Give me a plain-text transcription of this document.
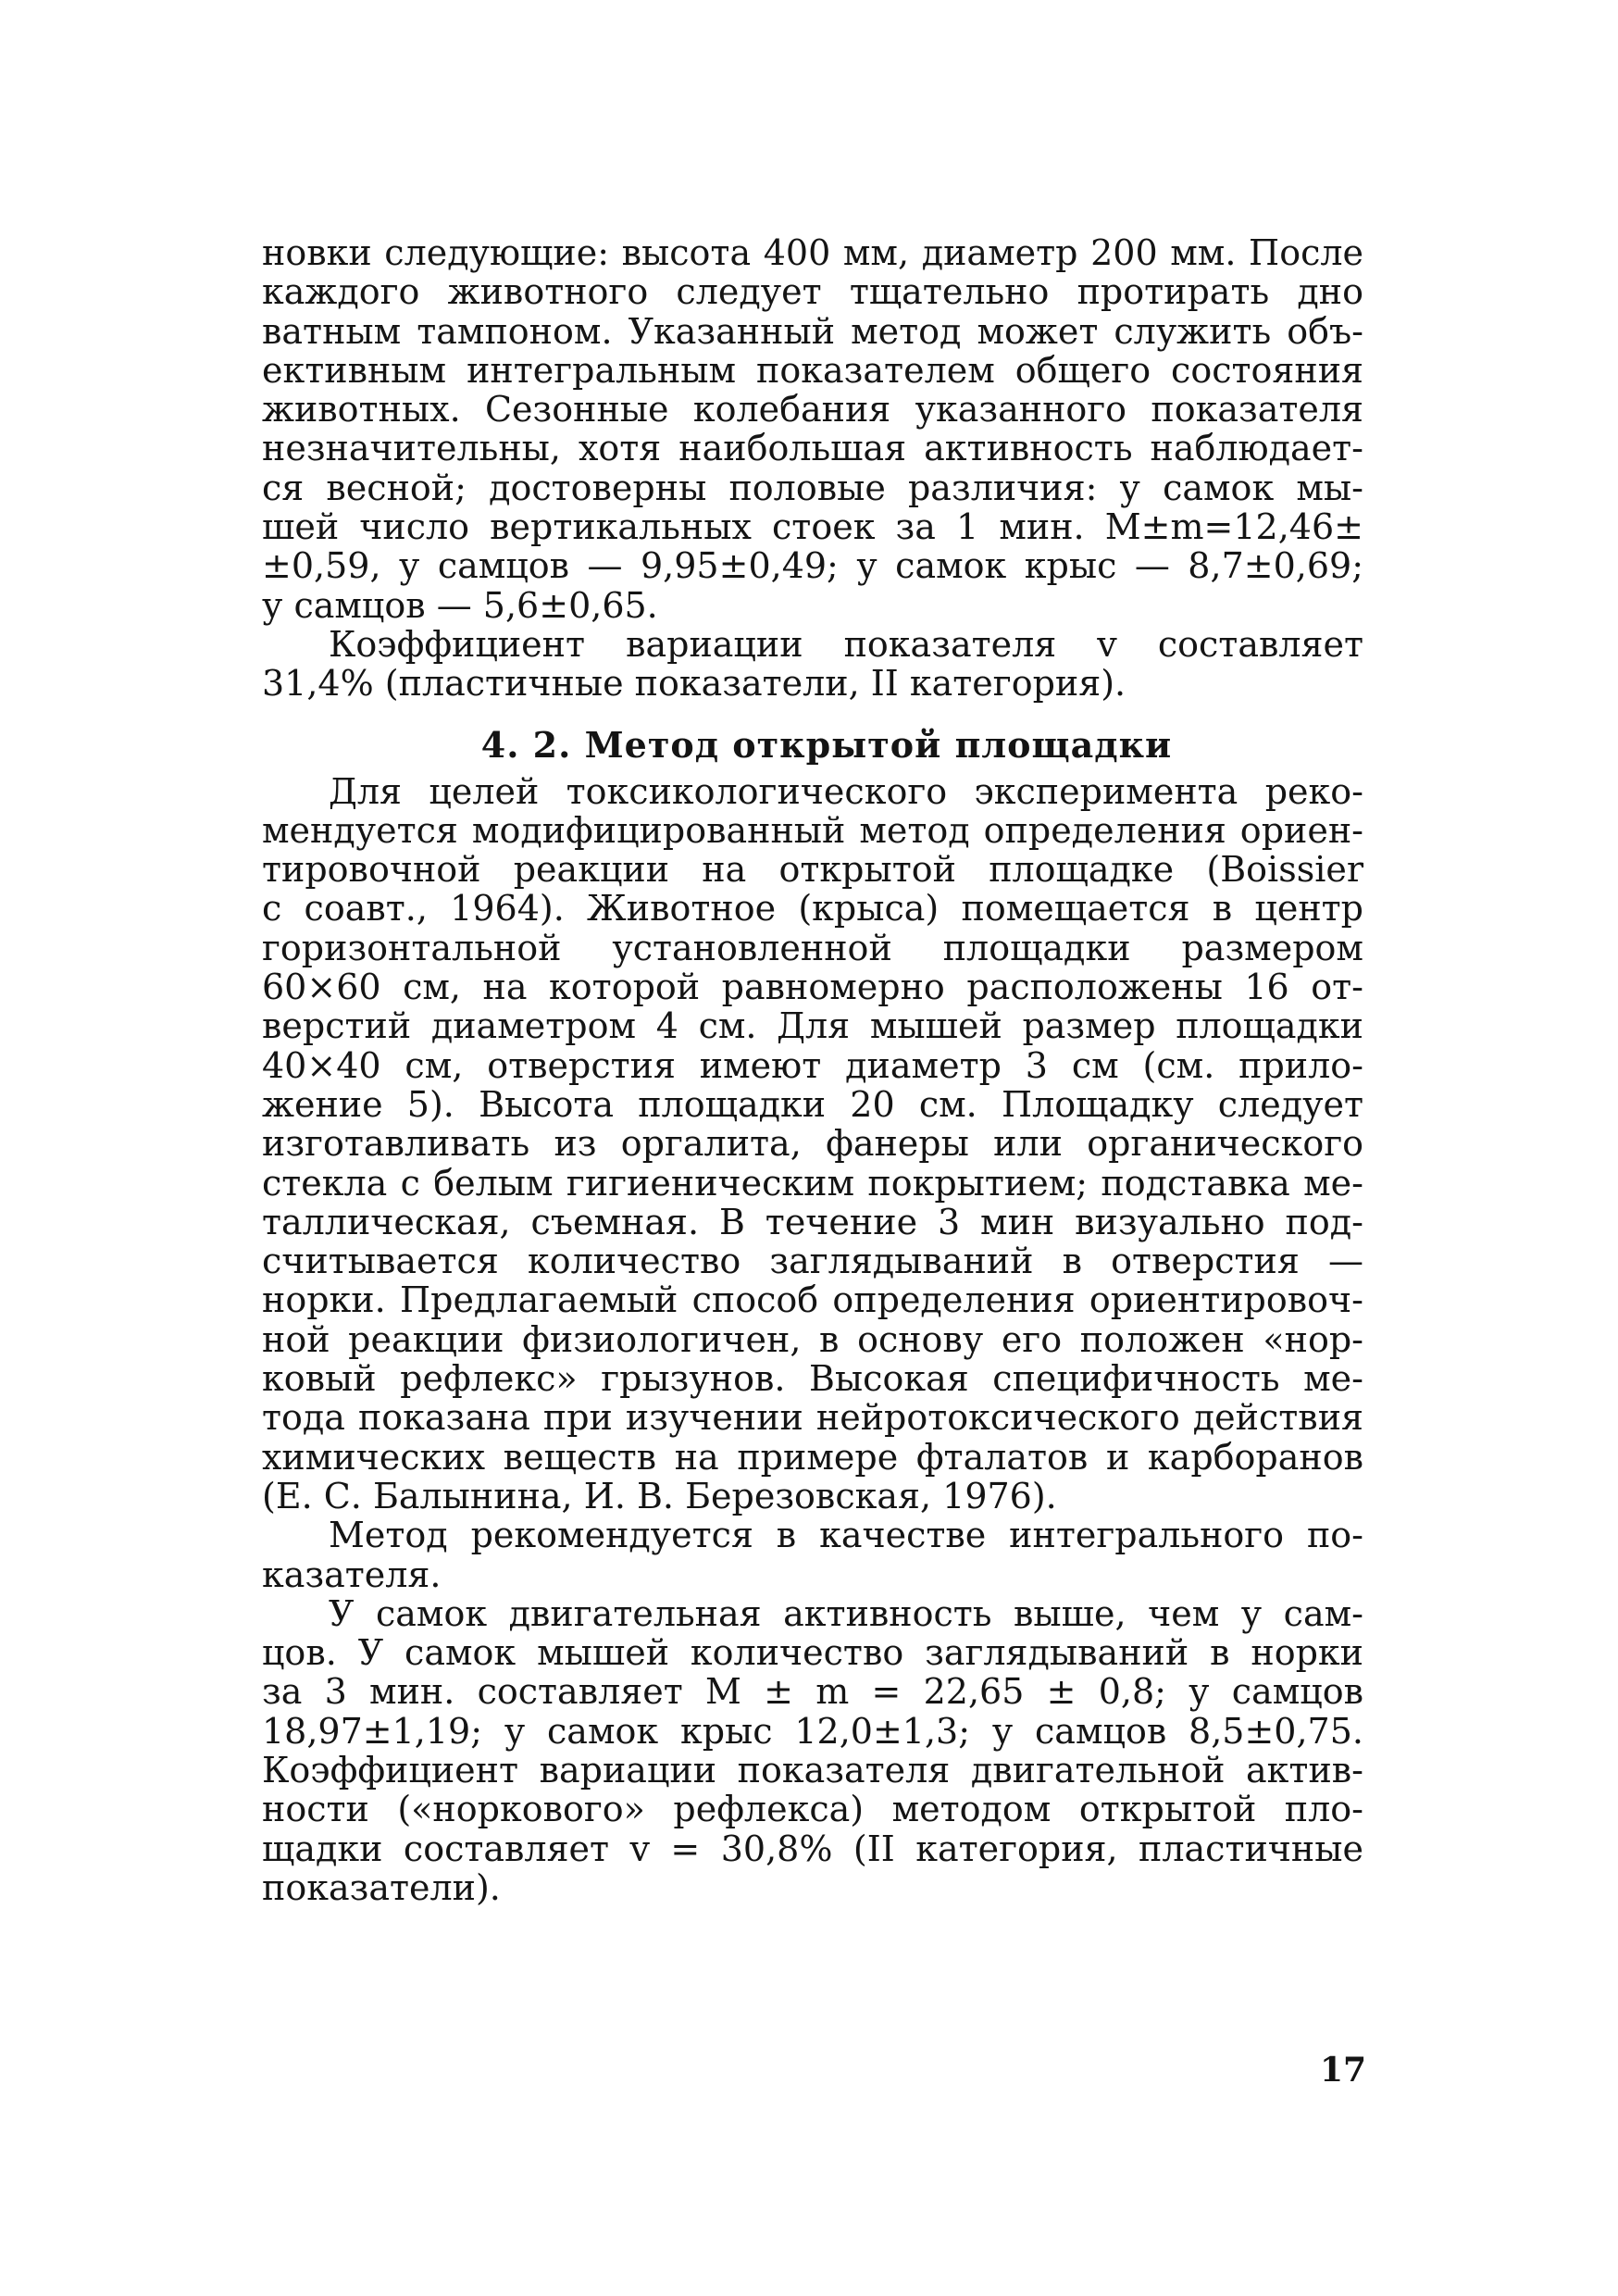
новки следующие: высота 400 мм, диаметр 200 мм. После
каждого животного следует тщательно протирать дно
ватным тампоном. Указанный метод может служить объ-
ективным интегральным показателем общего состояния
животных. Сезонные колебания указанного показателя
незначительны, хотя наибольшая активность наблюдает-
ся весной; достоверны половые различия: у самок мы-
шей число вертикальных стоек за 1 мин. M±m=12,46±
±0,59, у самцов — 9,95±0,49; у самок крыс — 8,7±0,69;
у самцов — 5,6±0,65.
Коэффициент вариации показателя v составляет
31,4% (пластичные показатели, II категория).
4. 2. Метод открытой площадки
Для целей токсикологического эксперимента реко-
мендуется модифицированный метод определения ориен-
тировочной реакции на открытой площадке (Boissier
с соавт., 1964). Животное (крыса) помещается в центр
горизонтальной установленной площадки размером
60×60 см, на которой равномерно расположены 16 от-
верстий диаметром 4 см. Для мышей размер площадки
40×40 см, отверстия имеют диаметр 3 см (см. прило-
жение 5). Высота площадки 20 см. Площадку следует
изготавливать из оргалита, фанеры или органического
стекла с белым гигиеническим покрытием; подставка ме-
таллическая, съемная. В течение 3 мин визуально под-
считывается количество заглядываний в отверстия —
норки. Предлагаемый способ определения ориентировоч-
ной реакции физиологичен, в основу его положен «нор-
ковый рефлекс» грызунов. Высокая специфичность ме-
тода показана при изучении нейротоксического действия
химических веществ на примере фталатов и карборанов
(Е. С. Балынина, И. В. Березовская, 1976).
Метод рекомендуется в качестве интегрального по-
казателя.
У самок двигательная активность выше, чем у сам-
цов. У самок мышей количество заглядываний в норки
за 3 мин. составляет M ± m = 22,65 ± 0,8; у самцов
18,97±1,19; у самок крыс 12,0±1,3; у самцов 8,5±0,75.
Коэффициент вариации показателя двигательной актив-
ности («норкового» рефлекса) методом открытой пло-
щадки составляет v = 30,8% (II категория, пластичные
показатели).
17
